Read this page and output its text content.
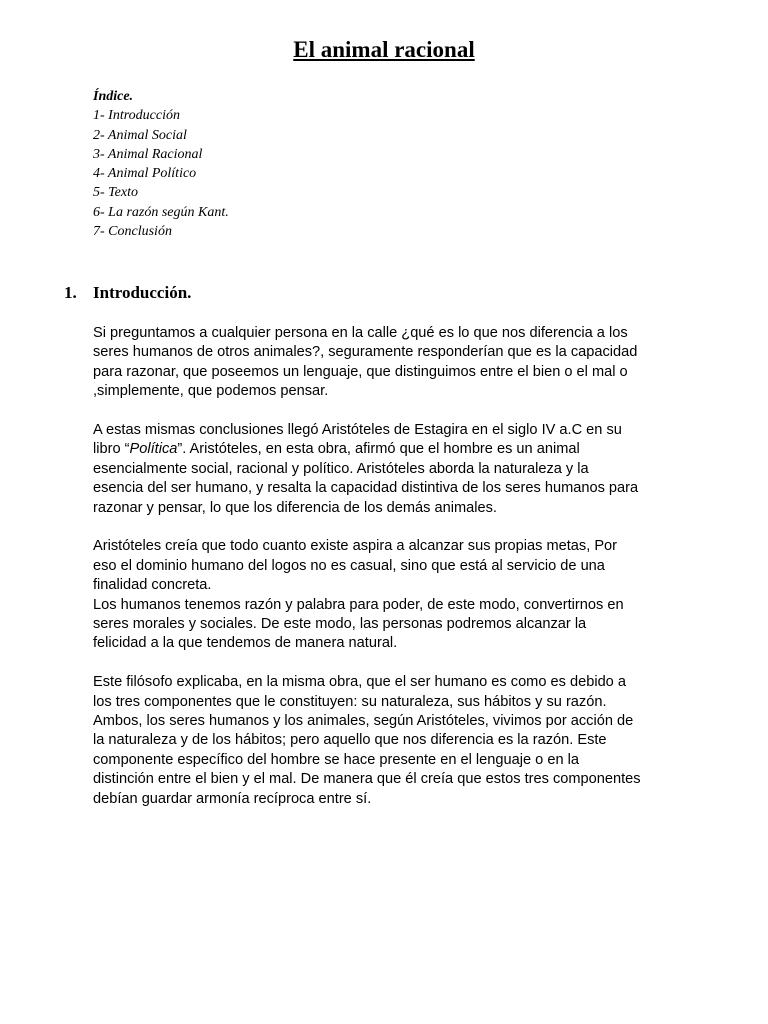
El animal racional
Índice.
1- Introducción
2- Animal Social
3- Animal Racional
4- Animal Político
5- Texto
6- La razón según Kant.
7- Conclusión
1. Introducción.

Si preguntamos a cualquier persona en la calle ¿qué es lo que nos diferencia a los
seres humanos de otros animales?, seguramente responderían que es la capacidad
para razonar, que poseemos un lenguaje, que distinguimos entre el bien o el mal o
,simplemente, que podemos pensar.

A estas mismas conclusiones llegó Aristóteles de Estagira en el siglo IV a.C en su
libro “Política”. Aristóteles, en esta obra, afirmó que el hombre es un animal
esencialmente social, racional y político. Aristóteles aborda la naturaleza y la
esencia del ser humano, y resalta la capacidad distintiva de los seres humanos para
razonar y pensar, lo que los diferencia de los demás animales.

Aristóteles creía que todo cuanto existe aspira a alcanzar sus propias metas, Por
eso el dominio humano del logos no es casual, sino que está al servicio de una
finalidad concreta.

Los humanos tenemos razón y palabra para poder, de este modo, convertirnos en
seres morales y sociales. De este modo, las personas podremos alcanzar la
felicidad a la que tendemos de manera natural.

Este filósofo explicaba, en la misma obra, que el ser humano es como es debido a
los tres componentes que le constituyen: su naturaleza, sus hábitos y su razón.
Ambos, los seres humanos y los animales, según Aristóteles, vivimos por acción de
la naturaleza y de los hábitos; pero aquello que nos diferencia es la razón. Este
componente específico del hombre se hace presente en el lenguaje o en la
distinción entre el bien y el mal. De manera que él creía que estos tres componentes
debían guardar armonía recíproca entre sí.
